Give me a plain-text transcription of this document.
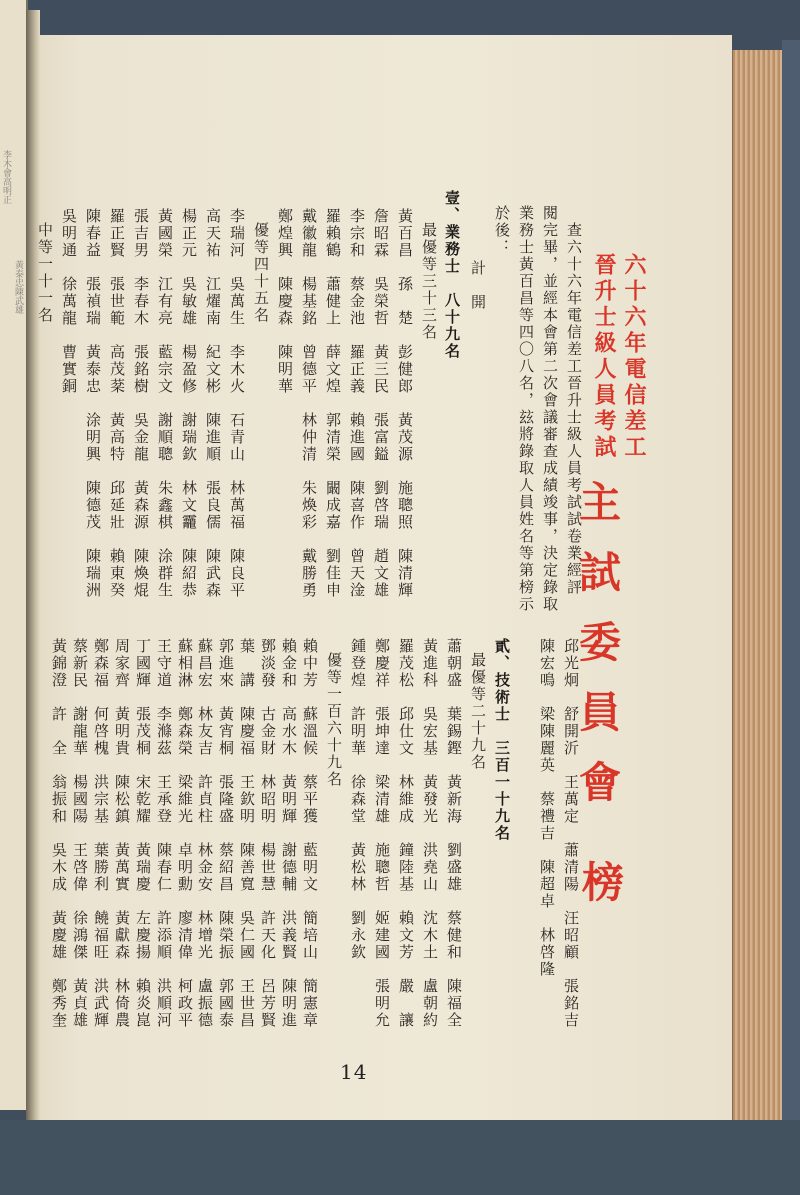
李木會高明正
黃泰忠陳武雄	六十六年電信差工
晉升士級人員考試
主試委員會
榜
邱光炯　舒開沂　王萬定　蕭清陽　汪昭顧　張銘吉
陳宏鳴　梁陳麗英　蔡禮吉　陳超卓　林啓隆
查六十六年電信差工晉升士級人員考試試卷業經評
閱完畢，並經本會第二次會議審查成績竣事，決定錄取
業務士黃百昌等四〇八名，玆將錄取人員姓名等第榜示
於後：
計　開
壹、業務士　八十九名
最優等三十三名
黃百昌　孫　楚　彭健郎　黃茂源　施聰照　陳清輝
詹昭霖　吳榮哲　黃三民　張富鎰　劉啓瑞　趙文雄
李宗和　蔡金池　羅正義　賴進國　陳喜作　曾天淦
羅賴鶴　蕭健上　薛文煌　郭清榮　闞成嘉　劉佳申
戴徽龍　楊基銘　曾德平　林仲清　朱煥彩　戴勝勇
鄭煌興　陳慶森　陳明華
優等四十五名
李瑞河　吳萬生　李木火　石青山　林萬福　陳良平
高天祐　江燿南　紀文彬　陳進順　張良儒　陳武森
楊正元　吳敏雄　楊盈修　謝瑞欽　林文龗　陳紹恭
黃國榮　江有亮　藍宗文　謝順聰　朱鑫棋　涂群生
張吉男　李春木　張銘樹　吳金龍　黃森源　陳煥焜
羅正賢　張世範　高茂棻　黃高特　邱延壯　賴東癸
陳春益　張禎瑞　黃泰忠　涂明興　陳德茂　陳瑞洲
吳明通　徐萬龍　曹實銅
中等一十一名
貳、技術士　三百一十九名
最優等二十九名
蕭朝盛　葉錫鏗　黃新海　劉盛雄　蔡健和　陳福全
黃進科　吳宏基　黃發光　洪堯山　沈木土　盧朝約
羅茂松　邱仕文　林維成　鐘陸基　賴文芳　嚴　讓
鄭慶祥　張坤達　梁清雄　施聰哲　姬建國　張明允
鍾登煌　許明華　徐森堂　黃松林　劉永欽
優等一百六十九名
賴中芳　蘇溫候　蔡平獲　藍明文　簡培山　簡憲章
賴金和　高水木　黃明輝　謝德輔　洪義賢　陳明進
鄧淡發　古金財　林昭明　楊世慧　許天化　呂芳賢
葉　講　陳慶福　王欽明　陳善寬　吳仁國　王世昌
郭進來　黃宵桐　張隆盛　蔡紹昌　陳榮振　郭國泰
蘇昌宏　林友吉　許貞柱　林金安　林增光　盧振德
蘇相淋　鄭森榮　梁維光　卓明勳　廖清偉　柯政平
王守道　李滌茲　王承登　陳春仁　許添順　洪順河
丁國輝　張茂桐　宋乾耀　黃瑞慶　左慶揚　賴炎崑
周家齊　黃明貴　陳松鎮　黃萬實　黃獻森　林倚農
鄭森福　何啓槐　洪宗基　葉勝利　饒福旺　洪武輝
蔡新民　謝龍華　楊國陽　王啓偉　徐鴻傑　黃貞雄
14
黃錦澄　許　全　翁振和　吳木成　黃慶雄　鄭秀奎
